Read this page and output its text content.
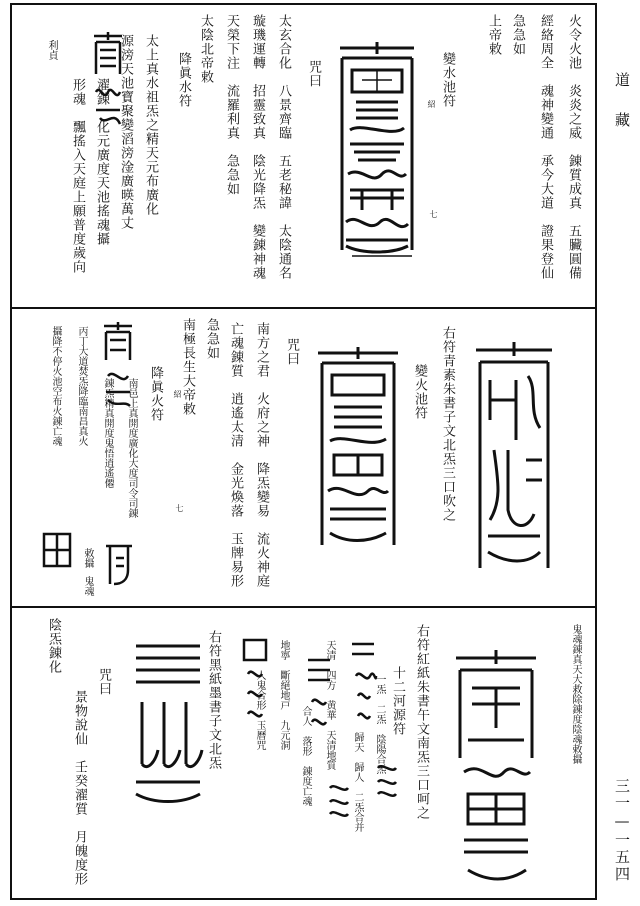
道
藏
三一—一五四
火令火池　炎炎之威　錬質成真　五臟圓備
經絡周全　魂神變通　承今大道　證果登仙
急急如
上帝敕
變水池符
紹
七
咒曰
太玄合化　八景齊臨　五老秘諱　太陰通名
璇璣運轉　招靈致真　陰光降炁　變錬神魂
天榮下注　流羅利真　急急如
太陰北帝敕
降眞水符
太上真水祖炁之精天元布廣化
源滂天池寶聚變滔滂淦廣暎萬丈
濯錬　化元廣度天池搖魂攝
形魂　飄搖入天庭上願普度歲向
利貞
右符青素朱書子文北炁三口吹之
變火池符
咒曰
南方之君　火府之神　降炁變易　流火神庭
亡魂錬質　逍遙太清　金光煥落　玉牌易形
急急如
南極長生大帝敕
紹
降眞火符
七
南邑上真開度廣化大度司令司錬
錬炁精真開度鬼悟逍遙僊
丙丁大道焚炁降臨南昌真火
攝降不停火池空布火錬亡魂
敕攝
鬼魂
鬼魂錬真天大救除錬度陰魂敕攝
右符紅紙朱書午文南炁三口呵之
十二河源符
一炁　二炁　陰陽合炁
歸天　歸人　二炁合并
天清　四方　黄華　天清地質
合人　落形　錬度亡魂
地寧　斷絕地戸　九元洞
人鬼合形　玉曆咒
右符黑紙墨書子文北炁
咒曰
景物說仙　壬癸濯質　月魄度形
陰炁錬化
